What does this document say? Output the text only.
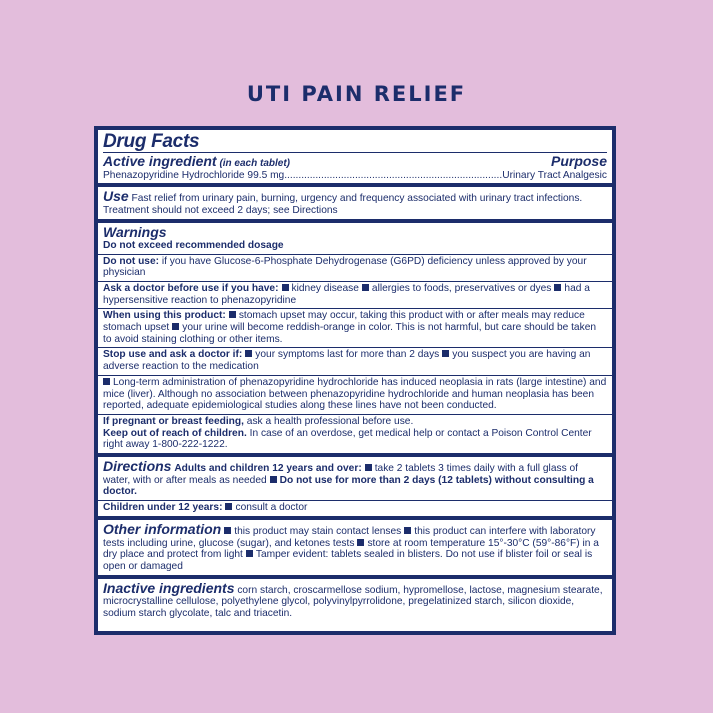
UTI PAIN RELIEF
Drug Facts
Active ingredient (in each tablet)	Purpose
Phenazopyridine Hydrochloride 99.5 mg
.....	Urinary Tract Analgesic

Use Fast relief from urinary pain, burning, urgency and frequency associated with urinary tract infections.

Treatment should not exceed 2 days; see Directions

Warnings

Do not exceed recommended dosage

Do not use: if you have Glucose-6-Phosphate Dehydrogenase (G6PD) deficiency unless approved by your physician

Ask a doctor before use if you have: kidney disease allergies to foods, preservatives or dyes had a hypersensitive reaction to phenazopyridine

When using this product: stomach upset may occur, taking this product with or after meals may reduce stomach upset your urine will become reddish-orange in color. This is not harmful, but care should be taken to avoid staining clothing or other items.

Stop use and ask a doctor if: your symptoms last for more than 2 days you suspect you are having an adverse reaction to the medication

Long-term administration of phenazopyridine hydrochloride has induced neoplasia in rats (large intestine) and mice (liver). Although no association between phenazopyridine hydrochloride and human neoplasia has been reported, adequate epidemiological studies along these lines have not been conducted.

If pregnant or breast feeding, ask a health professional before use.

Keep out of reach of children. In case of an overdose, get medical help or contact a Poison Control Center right away 1-800-222-1222.

Directions Adults and children 12 years and over: take 2 tablets 3 times daily with a full glass of water, with or after meals as needed Do not use for more than 2 days (12 tablets) without consulting a doctor.

Children under 12 years: consult a doctor

Other information this product may stain contact lenses this product can interfere with laboratory tests including urine, glucose (sugar), and ketones tests store at room temperature 15°-30°C (59°-86°F) in a dry place and protect from light Tamper evident: tablets sealed in blisters. Do not use if blister foil or seal is open or damaged

Inactive ingredients corn starch, croscarmellose sodium, hypromellose, lactose, magnesium stearate, microcrystalline cellulose, polyethylene glycol, polyvinylpyrrolidone, pregelatinized starch, silicon dioxide, sodium starch glycolate, talc and triacetin.
